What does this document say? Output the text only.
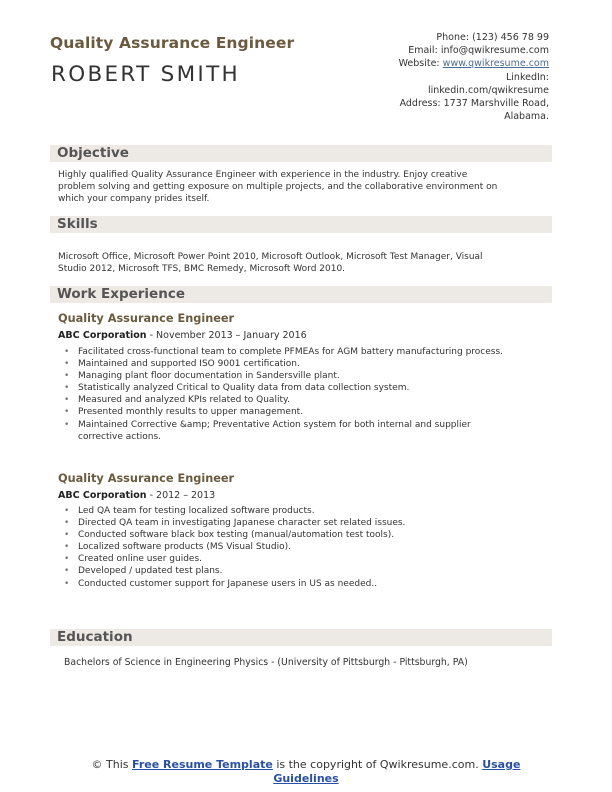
Quality Assurance Engineer
ROBERT SMITH
Phone: (123) 456 78 99
Email: info@qwikresume.com
Website: www.qwikresume.com
LinkedIn:
linkedin.com/qwikresume
Address: 1737 Marshville Road,
Alabama.
Objective
Highly qualified Quality Assurance Engineer with experience in the industry. Enjoy creative
problem solving and getting exposure on multiple projects, and the collaborative environment on
which your company prides itself.
Skills
Microsoft Office, Microsoft Power Point 2010, Microsoft Outlook, Microsoft Test Manager, Visual
Studio 2012, Microsoft TFS, BMC Remedy, Microsoft Word 2010.
Work Experience
Quality Assurance Engineer
ABC Corporation - November 2013 – January 2016
• Facilitated cross-functional team to complete PFMEAs for AGM battery manufacturing process.
• Maintained and supported ISO 9001 certification.
• Managing plant floor documentation in Sandersville plant.
• Statistically analyzed Critical to Quality data from data collection system.
• Measured and analyzed KPIs related to Quality.
• Presented monthly results to upper management.
• Maintained Corrective &amp; Preventative Action system for both internal and supplier
corrective actions.
Quality Assurance Engineer
ABC Corporation - 2012 – 2013
• Led QA team for testing localized software products.
• Directed QA team in investigating Japanese character set related issues.
• Conducted software black box testing (manual/automation test tools).
• Localized software products (MS Visual Studio).
• Created online user guides.
• Developed / updated test plans.
• Conducted customer support for Japanese users in US as needed..
Education
Bachelors of Science in Engineering Physics - (University of Pittsburgh - Pittsburgh, PA)
© This Free Resume Template is the copyright of Qwikresume.com. Usage
Guidelines
